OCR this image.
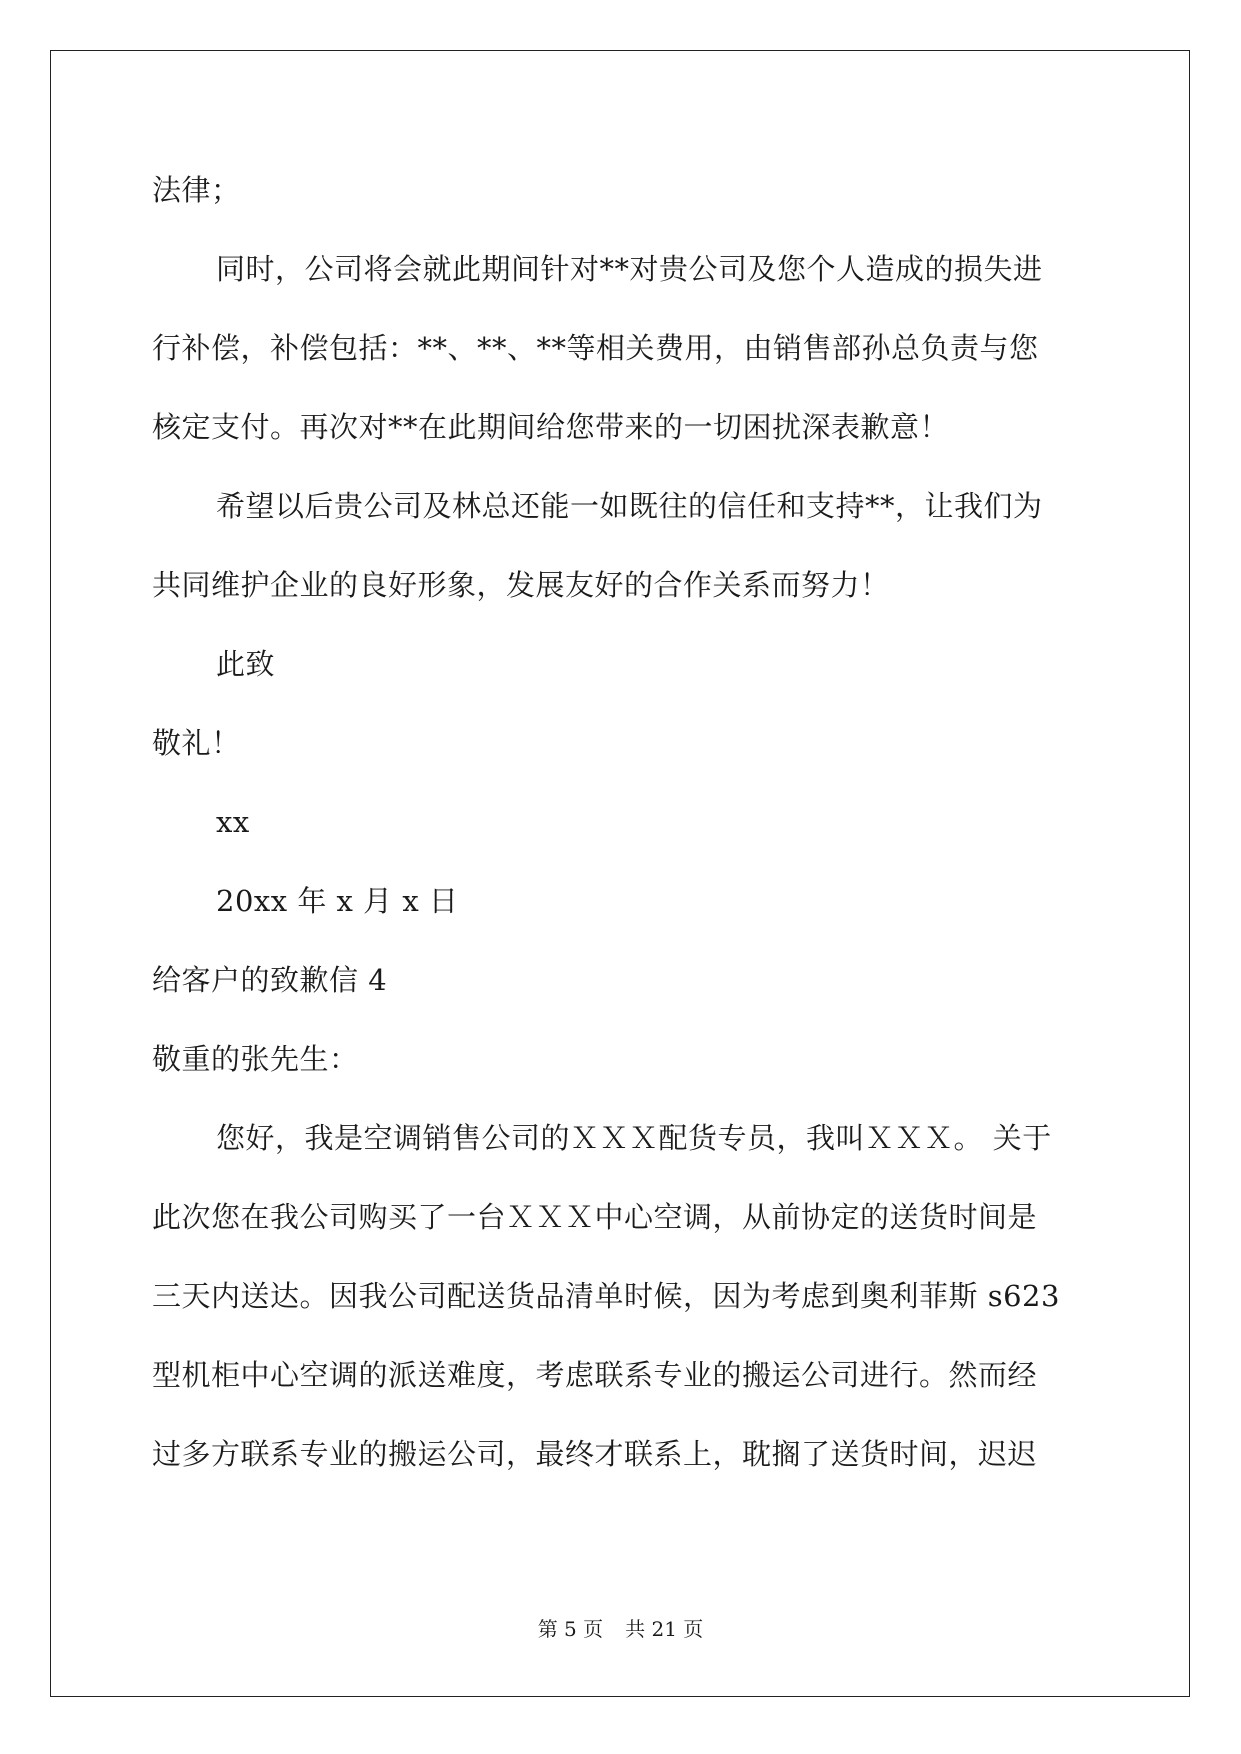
法律；
同时，公司将会就此期间针对**对贵公司及您个人造成的损失进
行补偿，补偿包括：**、**、**等相关费用，由销售部孙总负责与您
核定支付。再次对**在此期间给您带来的一切困扰深表歉意！
希望以后贵公司及林总还能一如既往的信任和支持**，让我们为
共同维护企业的良好形象，发展友好的合作关系而努力！
此致
敬礼！
xx
20xx 年 x 月 x 日
给客户的致歉信 4
敬重的张先生：
您好，我是空调销售公司的ＸＸＸ配货专员，我叫ＸＸＸ。 关于
此次您在我公司购买了一台ＸＸＸ中心空调，从前协定的送货时间是
三天内送达。因我公司配送货品清单时候，因为考虑到奥利菲斯 s623
型机柜中心空调的派送难度，考虑联系专业的搬运公司进行。然而经
过多方联系专业的搬运公司，最终才联系上，耽搁了送货时间，迟迟
第 5 页 共 21 页
